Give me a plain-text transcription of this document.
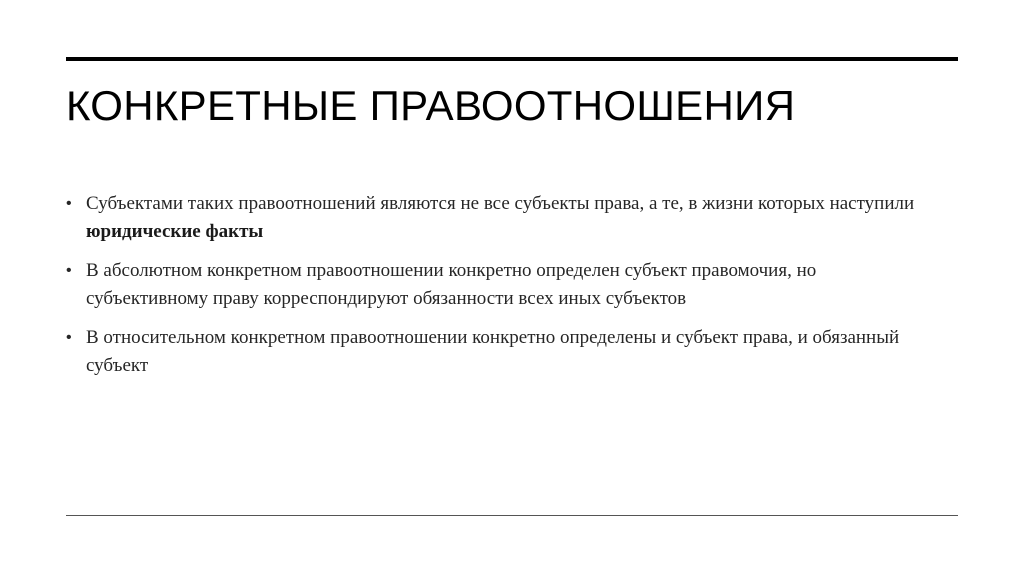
КОНКРЕТНЫЕ ПРАВООТНОШЕНИЯ
• Субъектами таких правоотношений являются не все субъекты права, а те, в жизни которых наступили юридические факты
• В абсолютном конкретном правоотношении конкретно определен субъект правомочия, но субъективному праву корреспондируют обязанности всех иных субъектов
• В относительном конкретном правоотношении конкретно определены и субъект права, и обязанный субъект
